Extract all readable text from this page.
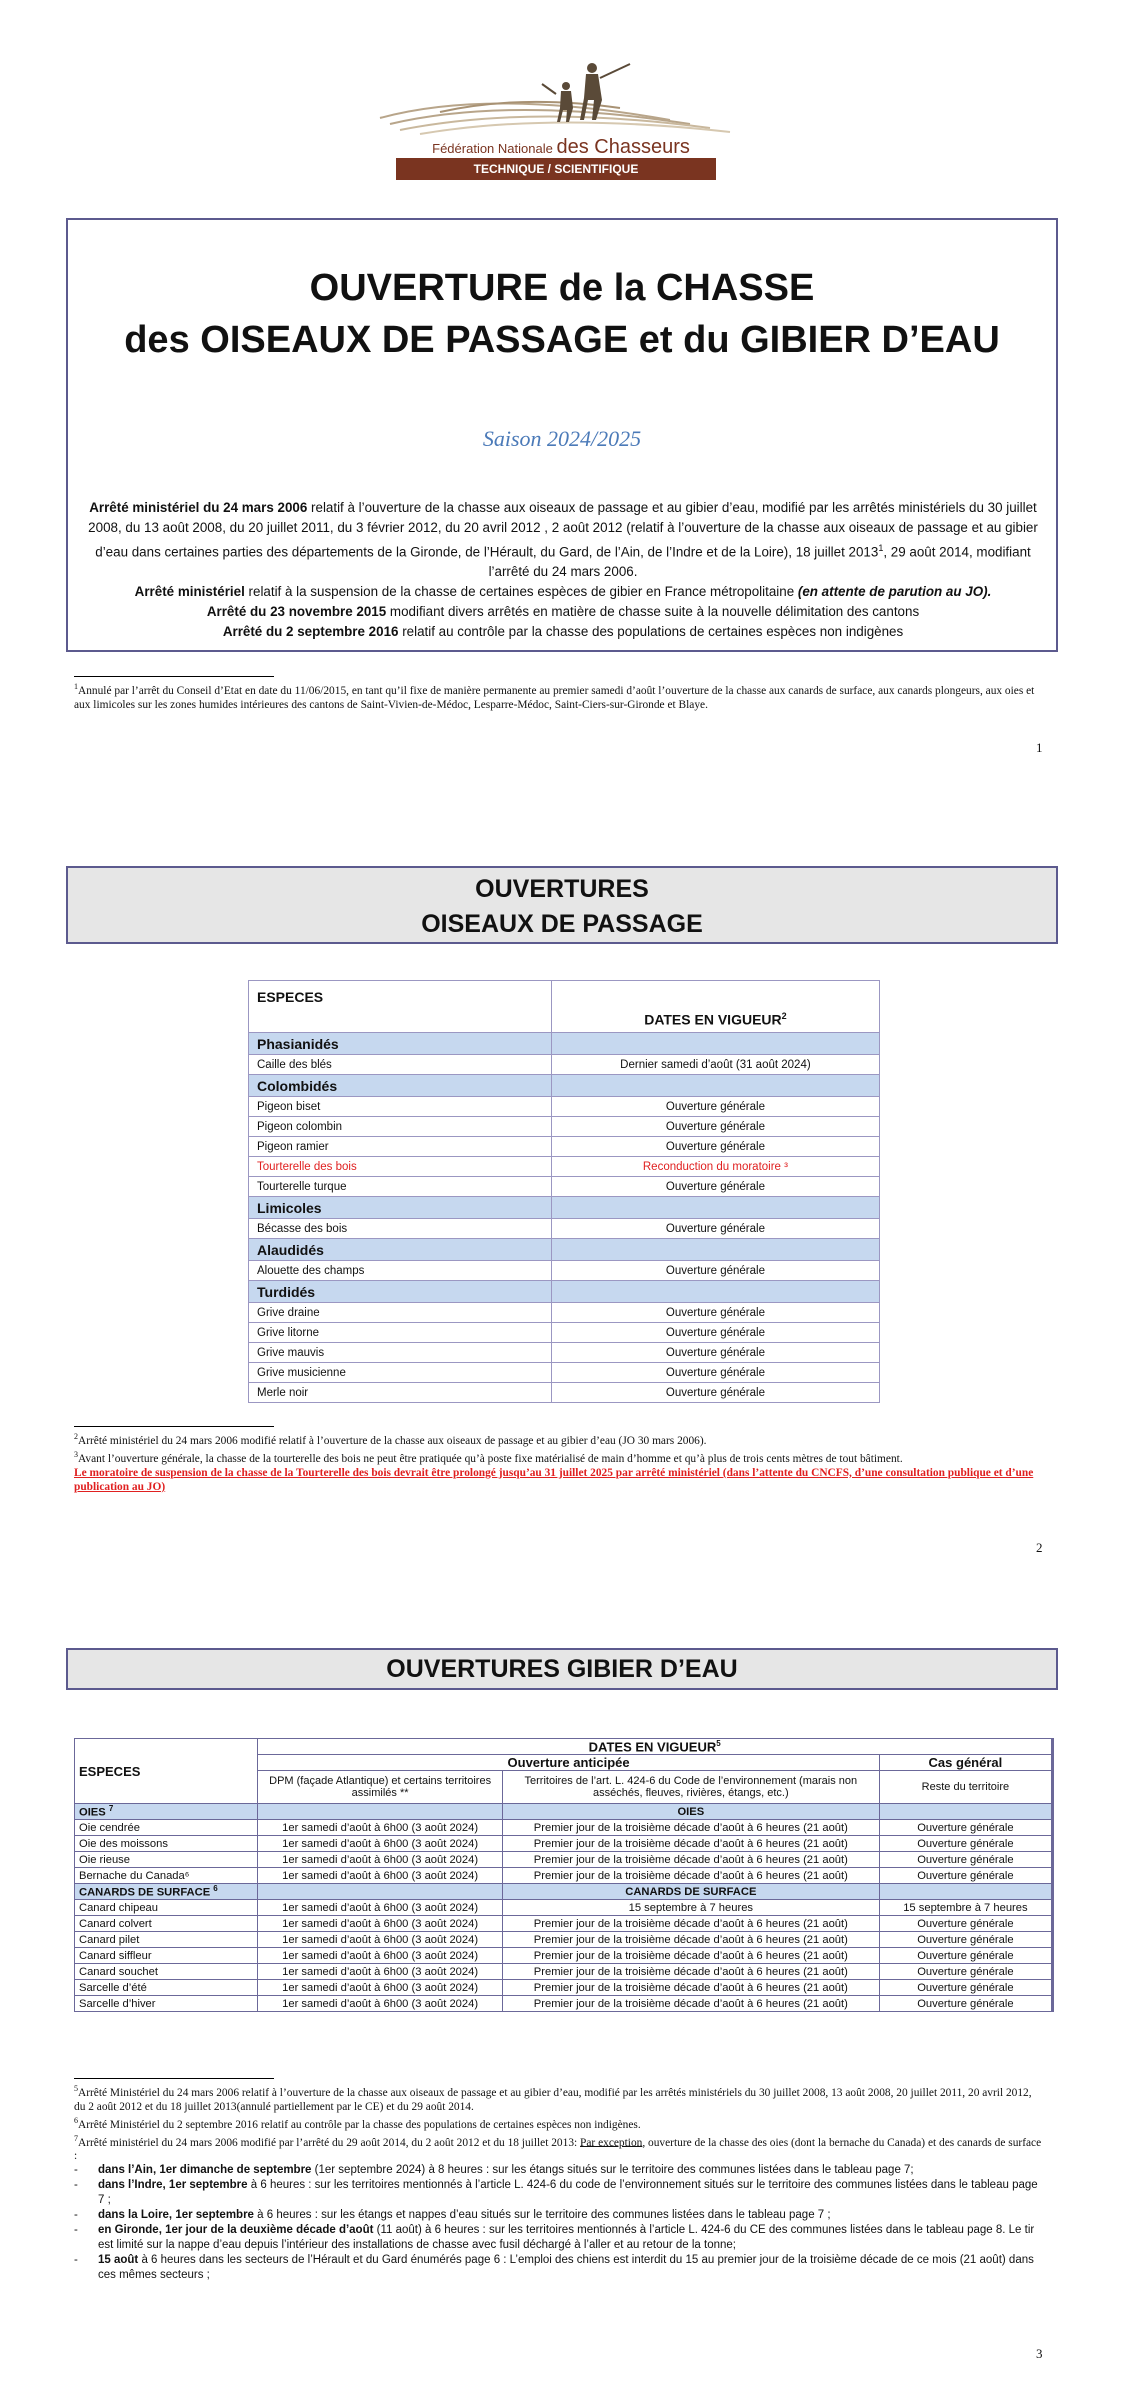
Fédération Nationale des Chasseurs
TECHNIQUE / SCIENTIFIQUE
OUVERTURE de la CHASSE
des OISEAUX DE PASSAGE et du GIBIER D’EAU
Saison 2024/2025
Arrêté ministériel du 24 mars 2006 relatif à l’ouverture de la chasse aux oiseaux de passage et au gibier d’eau, modifié par les arrêtés ministériels du 30 juillet 2008, du 13 août 2008, du 20 juillet 2011, du 3 février 2012, du 20 avril 2012 , 2 août 2012 (relatif à l’ouverture de la chasse aux oiseaux de passage et au gibier d’eau dans certaines parties des départements de la Gironde, de l’Hérault, du Gard, de l’Ain, de l’Indre et de la Loire), 18 juillet 2013$^1$, 29 août 2014, modifiant l’arrêté du 24 mars 2006.
Arrêté ministériel relatif à la suspension de la chasse de certaines espèces de gibier en France métropolitaine (en attente de parution au JO).
Arrêté du 23 novembre 2015 modifiant divers arrêtés en matière de chasse suite à la nouvelle délimitation des cantons
Arrêté du 2 septembre 2016 relatif au contrôle par la chasse des populations de certaines espèces non indigènes
$^1$Annulé par l’arrêt du Conseil d’Etat en date du 11/06/2015, en tant qu’il fixe de manière permanente au premier samedi d’août l’ouverture de la chasse aux canards de surface, aux canards plongeurs, aux oies et aux limicoles sur les zones humides intérieures des cantons de Saint-Vivien-de-Médoc, Lesparre-Médoc, Saint-Ciers-sur-Gironde et Blaye.
1
OUVERTURES
OISEAUX DE PASSAGE
ESPECES	DATES EN VIGUEUR$^2$
Phasianidés	
Caille des blés	Dernier samedi d’août (31 août 2024)
Colombidés	
Pigeon biset	Ouverture générale
Pigeon colombin	Ouverture générale
Pigeon ramier	Ouverture générale
Tourterelle des bois	Reconduction du moratoire ³
Tourterelle turque	Ouverture générale
Limicoles	
Bécasse des bois	Ouverture générale
Alaudidés	
Alouette des champs	Ouverture générale
Turdidés	
Grive draine	Ouverture générale
Grive litorne	Ouverture générale
Grive mauvis	Ouverture générale
Grive musicienne	Ouverture générale
Merle noir	Ouverture générale
$^2$Arrêté ministériel du 24 mars 2006 modifié relatif à l’ouverture de la chasse aux oiseaux de passage et au gibier d’eau (JO 30 mars 2006).
$^3$Avant l’ouverture générale, la chasse de la tourterelle des bois ne peut être pratiquée qu’à poste fixe matérialisé de main d’homme et qu’à plus de trois cents mètres de tout bâtiment.
Le moratoire de suspension de la chasse de la Tourterelle des bois devrait être prolongé jusqu’au 31 juillet 2025 par arrêté ministériel (dans l’attente du CNCFS, d’une consultation publique et d’une publication au JO)
2
OUVERTURES GIBIER D’EAU
ESPECES	DATES EN VIGUEUR$^5$
	Ouverture anticipée		Cas général
	DPM (façade Atlantique) et certains territoires assimilés **	Territoires de l’art. L. 424-6 du Code de l’environnement (marais non asséchés, fleuves, rivières, étangs, etc.)	Reste du territoire
OIES $^7$		OIES	
Oie cendrée	1er samedi d’août à 6h00 (3 août 2024)	Premier jour de la troisième décade d’août à 6 heures (21 août)	Ouverture générale
Oie des moissons	1er samedi d’août à 6h00 (3 août 2024)	Premier jour de la troisième décade d’août à 6 heures (21 août)	Ouverture générale
Oie rieuse	1er samedi d’août à 6h00 (3 août 2024)	Premier jour de la troisième décade d’août à 6 heures (21 août)	Ouverture générale
Bernache du Canada⁶	1er samedi d’août à 6h00 (3 août 2024)	Premier jour de la troisième décade d’août à 6 heures (21 août)	Ouverture générale
CANARDS DE SURFACE $^6$		CANARDS DE SURFACE	
Canard chipeau	1er samedi d’août à 6h00 (3 août 2024)	15 septembre à 7 heures	15 septembre à 7 heures
Canard colvert	1er samedi d’août à 6h00 (3 août 2024)	Premier jour de la troisième décade d’août à 6 heures (21 août)	Ouverture générale
Canard pilet	1er samedi d’août à 6h00 (3 août 2024)	Premier jour de la troisième décade d’août à 6 heures (21 août)	Ouverture générale
Canard siffleur	1er samedi d’août à 6h00 (3 août 2024)	Premier jour de la troisième décade d’août à 6 heures (21 août)	Ouverture générale
Canard souchet	1er samedi d’août à 6h00 (3 août 2024)	Premier jour de la troisième décade d’août à 6 heures (21 août)	Ouverture générale
Sarcelle d’été	1er samedi d’août à 6h00 (3 août 2024)	Premier jour de la troisième décade d’août à 6 heures (21 août)	Ouverture générale
Sarcelle d’hiver	1er samedi d’août à 6h00 (3 août 2024)	Premier jour de la troisième décade d’août à 6 heures (21 août)	Ouverture générale
$^5$Arrêté Ministériel du 24 mars 2006 relatif à l’ouverture de la chasse aux oiseaux de passage et au gibier d’eau, modifié par les arrêtés ministériels du 30 juillet 2008, 13 août 2008, 20 juillet 2011, 20 avril 2012, du 2 août 2012 et du 18 juillet 2013(annulé partiellement par le CE) et du 29 août 2014.
$^6$Arrêté Ministériel du 2 septembre 2016 relatif au contrôle par la chasse des populations de certaines espèces non indigènes.
$^7$Arrêté ministériel du 24 mars 2006 modifié par l’arrêté du 29 août 2014, du 2 août 2012 et du 18 juillet 2013: Par exception, ouverture de la chasse des oies (dont la bernache du Canada) et des canards de surface :
- dans l’Ain, 1er dimanche de septembre (1er septembre 2024) à 8 heures : sur les étangs situés sur le territoire des communes listées dans le tableau page 7;
- dans l’Indre, 1er septembre à 6 heures : sur les territoires mentionnés à l’article L. 424-6 du code de l’environnement situés sur le territoire des communes listées dans le tableau page 7 ;
- dans la Loire, 1er septembre à 6 heures : sur les étangs et nappes d’eau situés sur le territoire des communes listées dans le tableau page 7 ;
- en Gironde, 1er jour de la deuxième décade d’août (11 août) à 6 heures : sur les territoires mentionnés à l’article L. 424-6 du CE des communes listées dans le tableau page 8. Le tir est limité sur la nappe d’eau depuis l’intérieur des installations de chasse avec fusil déchargé à l’aller et au retour de la tonne;
- 15 août à 6 heures dans les secteurs de l’Hérault et du Gard énumérés page 6 : L’emploi des chiens est interdit du 15 au premier jour de la troisième décade de ce mois (21 août) dans ces mêmes secteurs ;
3
